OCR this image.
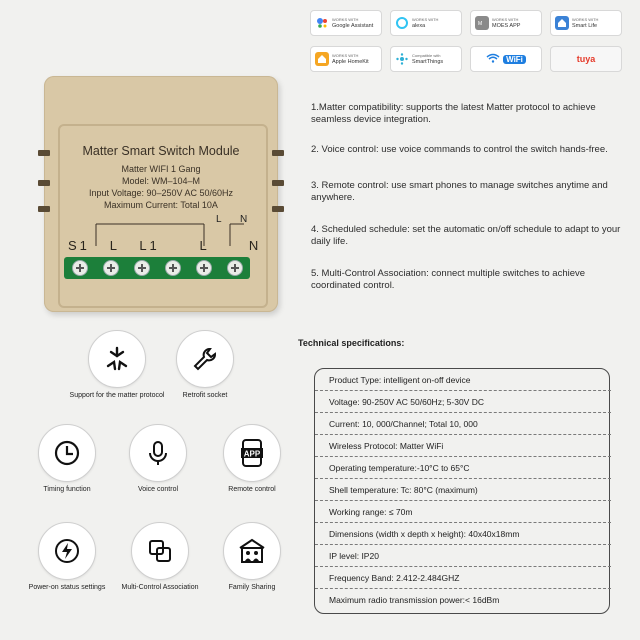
WORKS WITH
Google Assistant
WORKS WITH
alexa	M
WORKS WITH
MOES APP
WORKS WITH
Smart Life
WORKS WITH
Apple HomeKit
Compatible with
SmartThings	WiFi	tuya
Matter Smart Switch Module
Matter WIFI 1 Gang
Model: WM–104–M
Input Voltage: 90–250V AC 50/60Hz
Maximum Current: Total 10A
L N
S1   L   L1      L      N
1.Matter compatibility: supports the latest Matter protocol to achieve seamless device integration.
2. Voice control: use voice commands to control the switch hands-free.
3. Remote control: use smart phones to manage switches anytime and anywhere.
4. Scheduled schedule: set the automatic on/off schedule to adapt to your daily life.
5. Multi-Control Association: connect multiple switches to achieve coordinated control.
Support for the matter protocol	Retrofit socket
Timing function	Voice control
APP
Remote control
Power-on status settings	Multi-Control Association	Family Sharing
Technical specifications:
Product Type: intelligent on-off device
Voltage: 90-250V AC 50/60Hz; 5-30V DC
Current: 10, 000/Channel; Total 10, 000
Wireless Protocol: Matter WiFi
Operating temperature:-10°C to 65°C
Shell temperature: Tc: 80°C (maximum)
Working range: ≤ 70m
Dimensions (width x depth x height): 40x40x18mm
IP level: IP20
Frequency Band: 2.412-2.484GHZ
Maximum radio transmission power:< 16dBm
